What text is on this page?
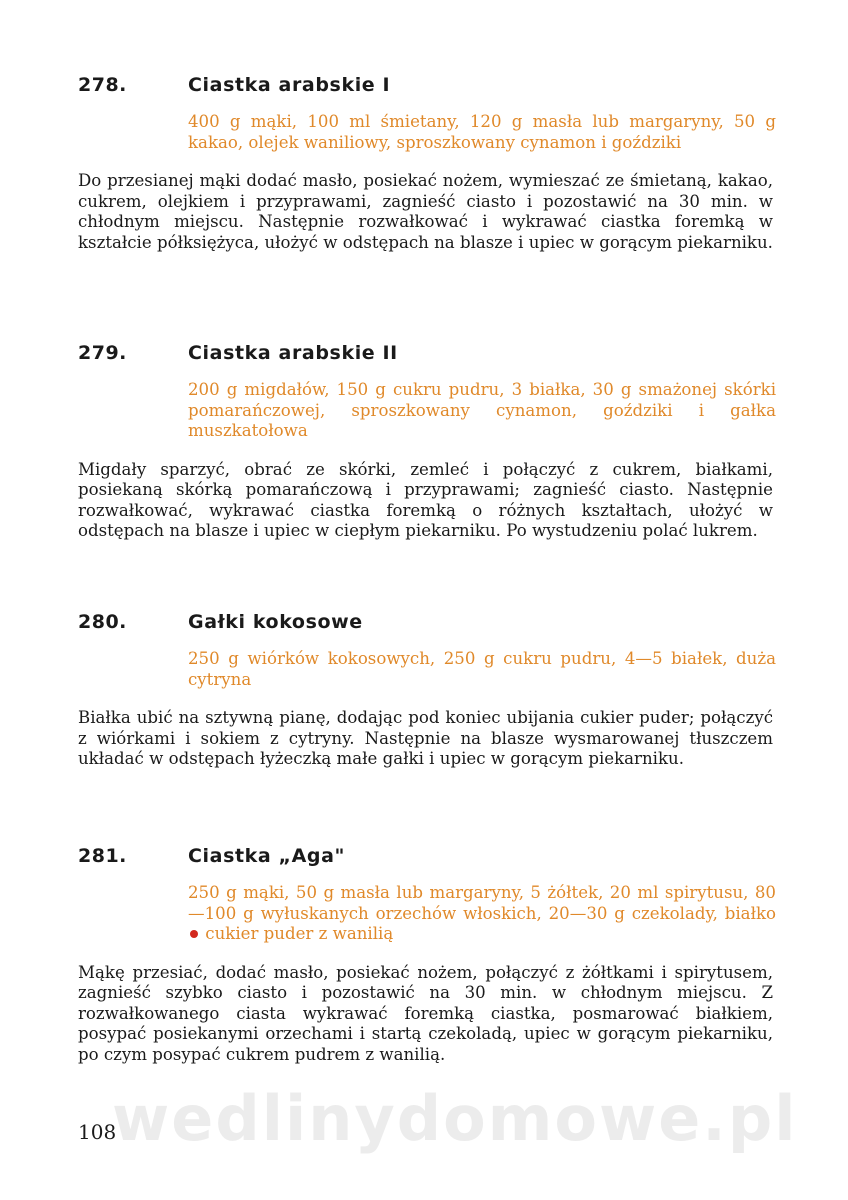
278.	Ciastka arabskie I

400 g mąki, 100 ml śmietany, 120 g masła lub margaryny, 50 g kakao, olejek waniliowy, sproszkowany cynamon i goździki

Do przesianej mąki dodać masło, posiekać nożem, wymieszać ze śmietaną, kakao, cukrem, olejkiem i przyprawami, zagnieść ciasto i pozostawić na 30 min. w chłodnym miejscu. Następnie rozwałkować i wykrawać ciastka foremką w kształcie półksiężyca, ułożyć w odstępach na blasze i upiec w gorącym piekarniku.

279.	Ciastka arabskie II

200 g migdałów, 150 g cukru pudru, 3 białka, 30 g smażonej skórki pomarańczowej, sproszkowany cynamon, goździki i gałka muszkatołowa

Migdały sparzyć, obrać ze skórki, zemleć i połączyć z cukrem, białkami, posiekaną skórką pomarańczową i przyprawami; zagnieść ciasto. Następnie rozwałkować, wykrawać ciastka foremką o różnych kształtach, ułożyć w odstępach na blasze i upiec w ciepłym piekarniku. Po wystudzeniu polać lukrem.

280.	Gałki kokosowe

250 g wiórków kokosowych, 250 g cukru pudru, 4—5 białek, duża cytryna

Białka ubić na sztywną pianę, dodając pod koniec ubijania cukier puder; połączyć z wiórkami i sokiem z cytryny. Następnie na blasze wysmarowanej tłuszczem układać w odstępach łyżeczką małe gałki i upiec w gorącym piekarniku.

281.	Ciastka „Aga"

250 g mąki, 50 g masła lub margaryny, 5 żółtek, 20 ml spirytusu, 80—100 g wyłuskanych orzechów włoskich, 20—30 g czekolady, białko  cukier puder z wanilią

Mąkę przesiać, dodać masło, posiekać nożem, połączyć z żółtkami i spirytusem, zagnieść szybko ciasto i pozostawić na 30 min. w chłodnym miejscu. Z rozwałkowanego ciasta wykrawać foremką ciastka, posmarować białkiem, posypać posiekanymi orzechami i startą czekoladą, upiec w gorącym piekarniku, po czym posypać cukrem pudrem z wanilią.

wedlinydomowe.pl
108
